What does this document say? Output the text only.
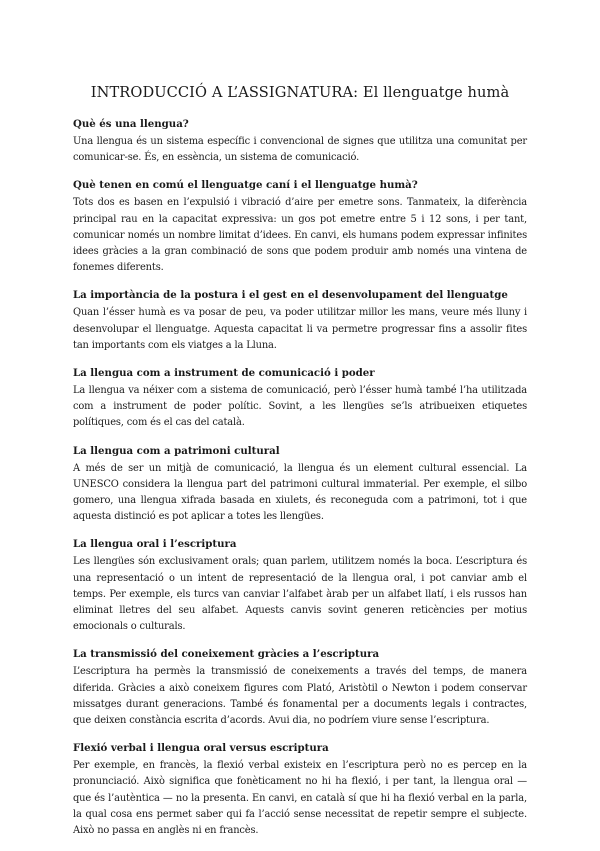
INTRODUCCIÓ A L’ASSIGNATURA: El llenguatge humà
Què és una llengua?

Una llengua és un sistema específic i convencional de signes que utilitza una comunitat per comunicar-se. És, en essència, un sistema de comunicació.

Què tenen en comú el llenguatge caní i el llenguatge humà?

Tots dos es basen en l’expulsió i vibració d’aire per emetre sons. Tanmateix, la diferència principal rau en la capacitat expressiva: un gos pot emetre entre 5 i 12 sons, i per tant, comunicar només un nombre limitat d’idees. En canvi, els humans podem expressar infinites idees gràcies a la gran combinació de sons que podem produir amb només una vintena de fonemes diferents.

La importància de la postura i el gest en el desenvolupament del llenguatge

Quan l’ésser humà es va posar de peu, va poder utilitzar millor les mans, veure més lluny i desenvolupar el llenguatge. Aquesta capacitat li va permetre progressar fins a assolir fites tan importants com els viatges a la Lluna.

La llengua com a instrument de comunicació i poder

La llengua va néixer com a sistema de comunicació, però l’ésser humà també l’ha utilitzada com a instrument de poder polític. Sovint, a les llengües se’ls atribueixen etiquetes polítiques, com és el cas del català.

La llengua com a patrimoni cultural

A més de ser un mitjà de comunicació, la llengua és un element cultural essencial. La UNESCO considera la llengua part del patrimoni cultural immaterial. Per exemple, el silbo gomero, una llengua xifrada basada en xiulets, és reconeguda com a patrimoni, tot i que aquesta distinció es pot aplicar a totes les llengües.

La llengua oral i l’escriptura

Les llengües són exclusivament orals; quan parlem, utilitzem només la boca. L’escriptura és una representació o un intent de representació de la llengua oral, i pot canviar amb el temps. Per exemple, els turcs van canviar l’alfabet àrab per un alfabet llatí, i els russos han eliminat lletres del seu alfabet. Aquests canvis sovint generen reticències per motius emocionals o culturals.

La transmissió del coneixement gràcies a l’escriptura

L’escriptura ha permès la transmissió de coneixements a través del temps, de manera diferida. Gràcies a això coneixem figures com Plató, Aristòtil o Newton i podem conservar missatges durant generacions. També és fonamental per a documents legals i contractes, que deixen constància escrita d’acords. Avui dia, no podríem viure sense l’escriptura.

Flexió verbal i llengua oral versus escriptura

Per exemple, en francès, la flexió verbal existeix en l’escriptura però no es percep en la pronunciació. Això significa que fonèticament no hi ha flexió, i per tant, la llengua oral — que és l’autèntica — no la presenta. En canvi, en català sí que hi ha flexió verbal en la parla, la qual cosa ens permet saber qui fa l’acció sense necessitat de repetir sempre el subjecte. Això no passa en anglès ni en francès.
